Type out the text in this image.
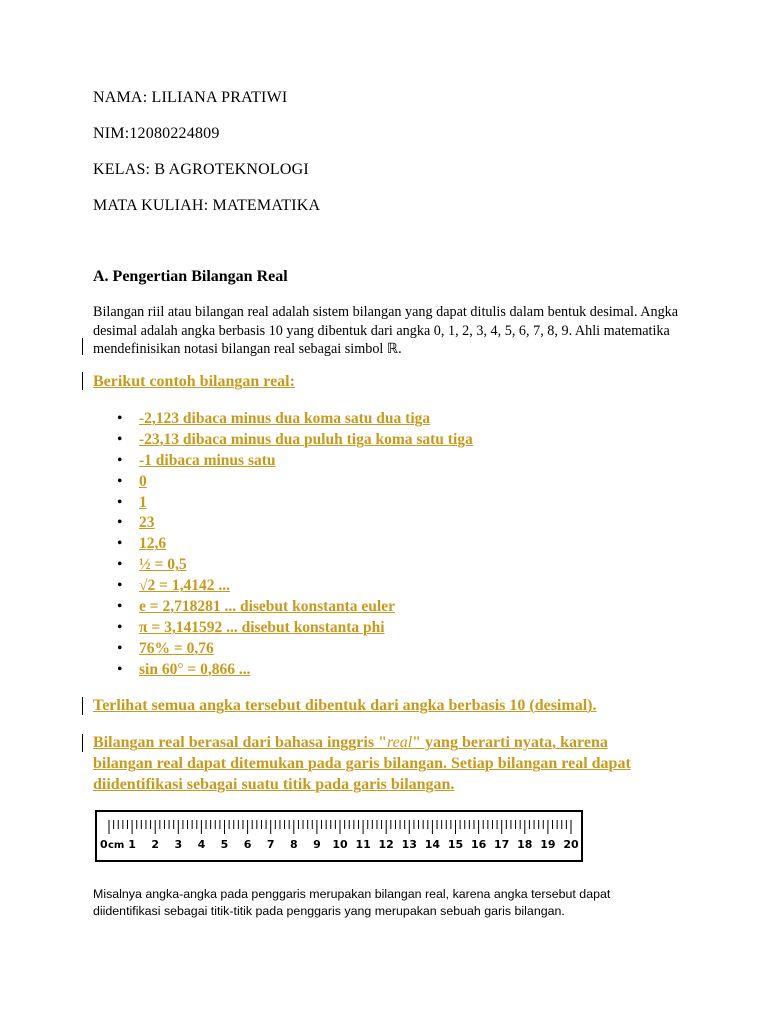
NAMA: LILIANA PRATIWI
NIM:12080224809
KELAS: B AGROTEKNOLOGI
MATA KULIAH: MATEMATIKA
A. Pengertian Bilangan Real
Bilangan riil atau bilangan real adalah sistem bilangan yang dapat ditulis dalam bentuk desimal. Angka desimal adalah angka berbasis 10 yang dibentuk dari angka 0, 1, 2, 3, 4, 5, 6, 7, 8, 9. Ahli matematika mendefinisikan notasi bilangan real sebagai simbol ℝ.
Berikut contoh bilangan real:
• -2,123 dibaca minus dua koma satu dua tiga
• -23,13 dibaca minus dua puluh tiga koma satu tiga
• -1 dibaca minus satu
• 0
• 1
• 23
• 12,6
• ½ = 0,5
• √2 = 1,4142 ...
• e = 2,718281 ... disebut konstanta euler
• π = 3,141592 ... disebut konstanta phi
• 76% = 0,76
• sin 60° = 0,866 ...
Terlihat semua angka tersebut dibentuk dari angka berbasis 10 (desimal).
Bilangan real berasal dari bahasa inggris "real" yang berarti nyata, karena
bilangan real dapat ditemukan pada garis bilangan. Setiap bilangan real dapat
diidentifikasi sebagai suatu titik pada garis bilangan.
0 1 2 3 4 5 6 7 8 9 10 11 12 13 14 15 16 17 18 19 20
cm
Misalnya angka-angka pada penggaris merupakan bilangan real, karena angka tersebut dapat diidentifikasi sebagai titik-titik pada penggaris yang merupakan sebuah garis bilangan.
